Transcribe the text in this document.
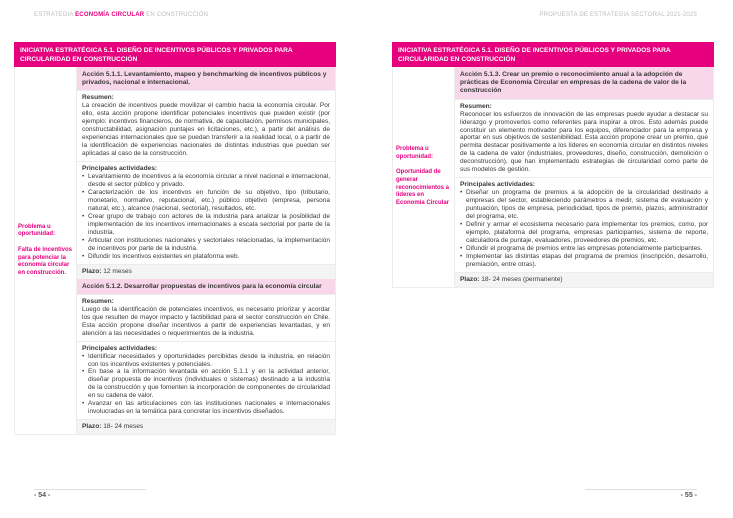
ESTRATEGIA ECONOMÍA CIRCULAR EN CONSTRUCCIÓN	PROPUESTA DE ESTRATEGIA SECTORAL 2021-2025
INICIATIVA ESTRATÉGICA 5.1. DISEÑO DE INCENTIVOS PÚBLICOS Y PRIVADOS PARA CIRCULARIDAD EN CONSTRUCCIÓN
Problema u oportunidad:
Falta de incentivos para potenciar la economía circular en construcción.
Acción 5.1.1. Levantamiento, mapeo y benchmarking de incentivos públicos y privados, nacional e internacional.
Resumen:
La creación de incentivos puede movilizar el cambio hacia la economía circular. Por ello, esta acción propone identificar potenciales incentivos que pueden existir (por ejemplo: incentivos financieros, de normativa, de capacitación, permisos municipales, constructabilidad, asignación puntajes en licitaciones, etc.), a partir del análisis de experiencias internacionales que se puedan transferir a la realidad local, o a partir de la identificación de experiencias nacionales de distintas industrias que puedan ser aplicadas al caso de la construcción.
Principales actividades:
• Levantamiento de incentivos a la economía circular a nivel nacional e internacional, desde el sector público y privado.
• Caracterización de los incentivos en función de su objetivo, tipo (tributario, monetario, normativo, reputacional, etc.) público objetivo (empresa, persona natural, etc.), alcance (nacional, sectorial), resultados, etc.
• Crear grupo de trabajo con actores de la industria para analizar la posibilidad de implementación de los incentivos internacionales a escala sectorial por parte de la industria.
• Articular con instituciones nacionales y sectoriales relacionadas, la implementación de incentivos por parte de la industria.
• Difundir los incentivos existentes en plataforma web.
Plazo: 12 meses
Acción 5.1.2. Desarrollar propuestas de incentivos para la economía circular
Resumen:
Luego de la identificación de potenciales incentivos, es necesario priorizar y acordar los que resulten de mayor impacto y factibilidad para el sector construcción en Chile. Esta acción propone diseñar incentivos a partir de experiencias levantadas, y en atención a las necesidades o requerimientos de la industria.
Principales actividades:
• Identificar necesidades y oportunidades percibidas desde la industria, en relación con los incentivos existentes y potenciales.
• En base a la información levantada en acción 5.1.1 y en la actividad anterior, diseñar propuesta de incentivos (individuales o sistemas) destinado a la industria de la construcción y que fomenten la incorporación de componentes de circularidad en su cadena de valor.
• Avanzar en las articulaciones con las instituciones nacionales e internacionales involucradas en la temática para concretar los incentivos diseñados.
Plazo: 18- 24 meses
INICIATIVA ESTRATÉGICA 5.1. DISEÑO DE INCENTIVOS PÚBLICOS Y PRIVADOS PARA CIRCULARIDAD EN CONSTRUCCIÓN
Problema u oportunidad:
Oportunidad de generar reconocimientos a líderes en Economía Circular
Acción 5.1.3. Crear un premio o reconocimiento anual a la adopción de prácticas de Economía Circular en empresas de la cadena de valor de la construcción
Resumen:
Reconocer los esfuerzos de innovación de las empresas puede ayudar a destacar su liderazgo y promoverlos como referentes para inspirar a otros. Esto además puede constituir un elemento motivador para los equipos, diferenciador para la empresa y aportar en sus objetivos de sostenibilidad. Esta acción propone crear un premio, que permita destacar positivamente a los líderes en economía circular en distintos niveles de la cadena de valor (industriales, proveedores, diseño, construcción, demolición o deconstrucción), que han implementado estrategias de circularidad como parte de sus modelos de gestión.
Principales actividades:
• Diseñar un programa de premios a la adopción de la circularidad destinado a empresas del sector, estableciendo parámetros a medir, sistema de evaluación y puntuación, tipos de empresa, periodicidad, tipos de premio, plazos, administrador del programa, etc.
• Definir y armar el ecosistema necesario para implementar los premios, como, por ejemplo, plataforma del programa, empresas participantes, sistema de reporte, calculadora de puntaje, evaluadores, proveedores de premios, etc.
• Difundir el programa de premios entre las empresas potencialmente participantes.
• Implementar las distintas etapas del programa de premios (inscripción, desarrollo, premiación, entre otras).
Plazo: 18- 24 meses (permanente)
- 54 -	- 55 -
